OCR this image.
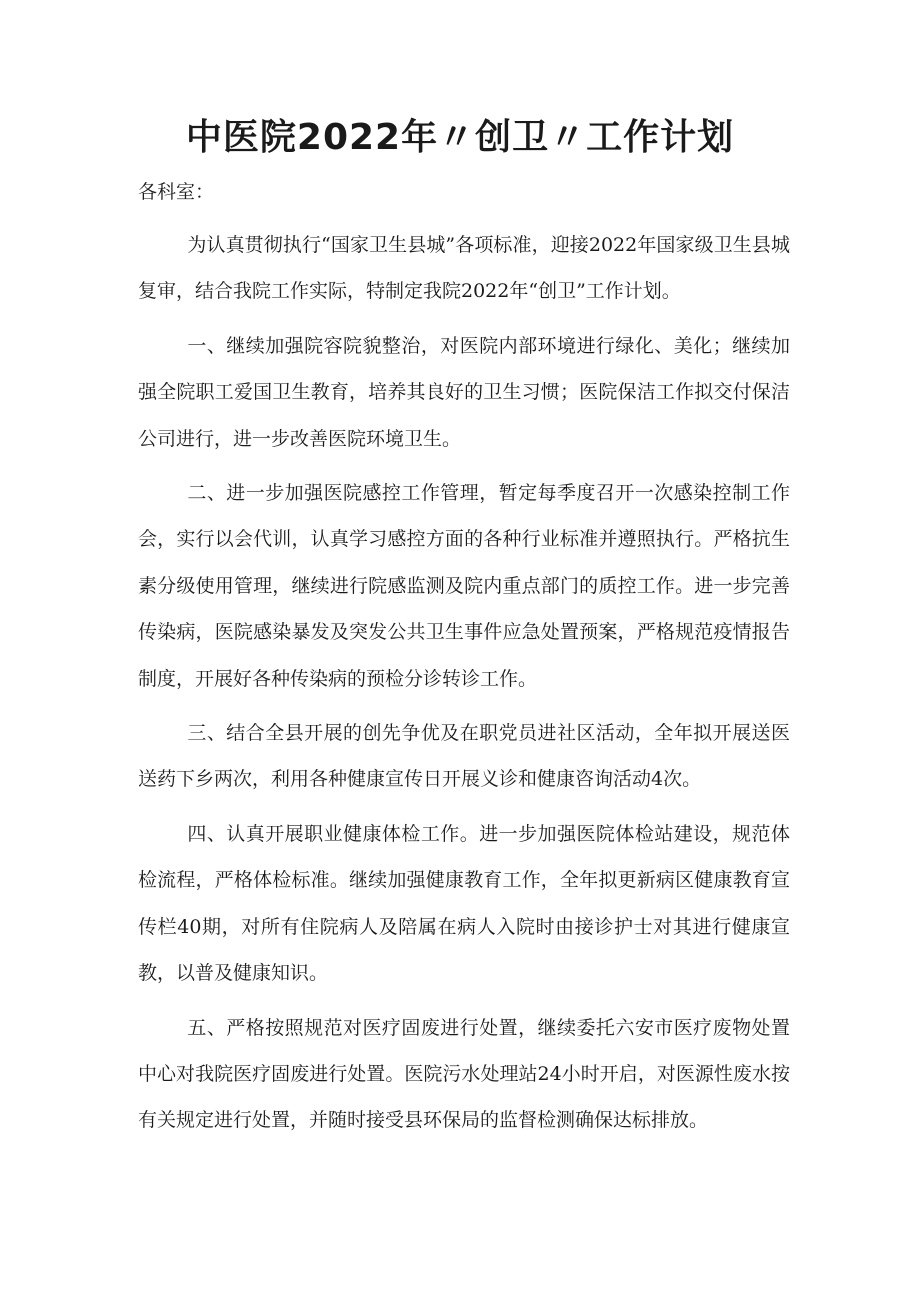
中医院2022年〃创卫〃工作计划

各科室：

为认真贯彻执行“国家卫生县城”各项标准，迎接2022年国家级卫生县城复审，结合我院工作实际，特制定我院2022年“创卫”工作计划。

一、继续加强院容院貌整治，对医院内部环境进行绿化、美化；继续加强全院职工爱国卫生教育，培养其良好的卫生习惯；医院保洁工作拟交付保洁公司进行，进一步改善医院环境卫生。

二、进一步加强医院感控工作管理，暂定每季度召开一次感染控制工作会，实行以会代训，认真学习感控方面的各种行业标准并遵照执行。严格抗生素分级使用管理，继续进行院感监测及院内重点部门的质控工作。进一步完善传染病，医院感染暴发及突发公共卫生事件应急处置预案，严格规范疫情报告制度，开展好各种传染病的预检分诊转诊工作。

三、结合全县开展的创先争优及在职党员进社区活动，全年拟开展送医送药下乡两次，利用各种健康宣传日开展义诊和健康咨询活动4次。

四、认真开展职业健康体检工作。进一步加强医院体检站建设，规范体检流程，严格体检标准。继续加强健康教育工作，全年拟更新病区健康教育宣传栏40期，对所有住院病人及陪属在病人入院时由接诊护士对其进行健康宣教，以普及健康知识。

五、严格按照规范对医疗固废进行处置，继续委托六安市医疗废物处置中心对我院医疗固废进行处置。医院污水处理站24小时开启，对医源性废水按有关规定进行处置，并随时接受县环保局的监督检测确保达标排放。
